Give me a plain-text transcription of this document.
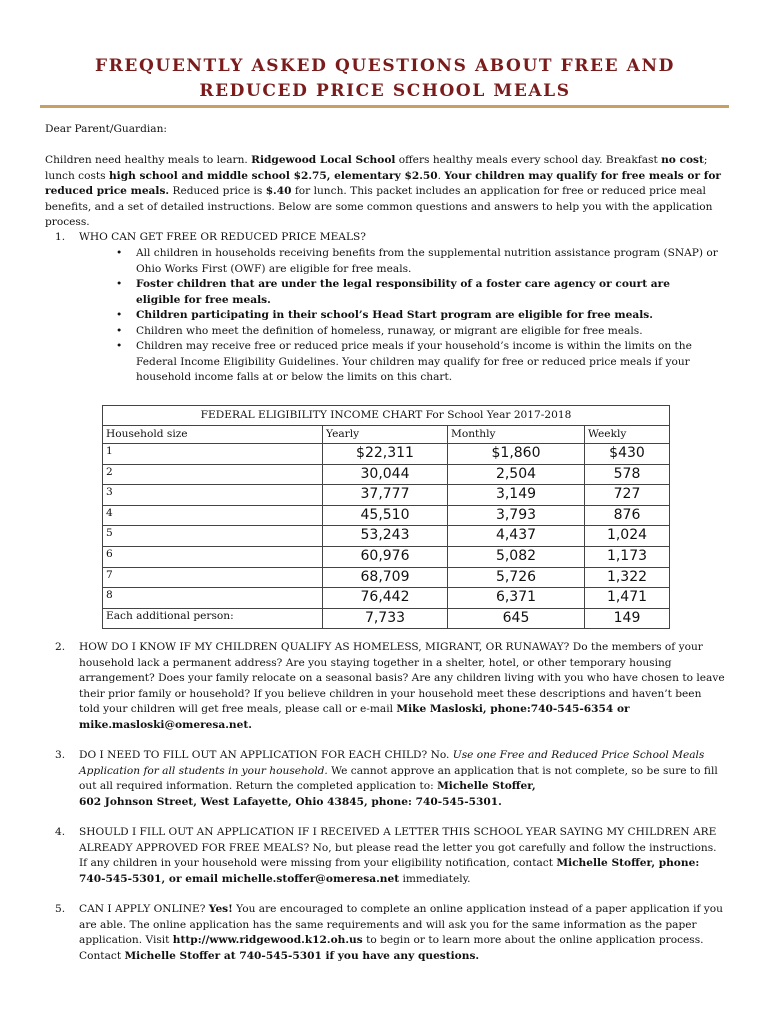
FREQUENTLY ASKED QUESTIONS ABOUT FREE AND
REDUCED PRICE SCHOOL MEALS
Dear Parent/Guardian:
Children need healthy meals to learn. Ridgewood Local School offers healthy meals every school day. Breakfast no cost; lunch costs high school and middle school $2.75, elementary $2.50. Your children may qualify for free meals or for reduced price meals. Reduced price is $.40 for lunch. This packet includes an application for free or reduced price meal benefits, and a set of detailed instructions. Below are some common questions and answers to help you with the application process.
1. WHO CAN GET FREE OR REDUCED PRICE MEALS?
• All children in households receiving benefits from the supplemental nutrition assistance program (SNAP) or Ohio Works First (OWF) are eligible for free meals.
• Foster children that are under the legal responsibility of a foster care agency or court are eligible for free meals.
• Children participating in their school’s Head Start program are eligible for free meals.
• Children who meet the definition of homeless, runaway, or migrant are eligible for free meals.
• Children may receive free or reduced price meals if your household’s income is within the limits on the Federal Income Eligibility Guidelines. Your children may qualify for free or reduced price meals if your household income falls at or below the limits on this chart.
FEDERAL ELIGIBILITY INCOME CHART For School Year 2017-2018			
Household size	Yearly	Monthly	Weekly
1	$22,311	$1,860	$430
2	30,044	2,504	578
3	37,777	3,149	727
4	45,510	3,793	876
5	53,243	4,437	1,024
6	60,976	5,082	1,173
7	68,709	5,726	1,322
8	76,442	6,371	1,471
Each additional person:	7,733	645	149
2. HOW DO I KNOW IF MY CHILDREN QUALIFY AS HOMELESS, MIGRANT, OR RUNAWAY? Do the members of your household lack a permanent address? Are you staying together in a shelter, hotel, or other temporary housing arrangement? Does your family relocate on a seasonal basis? Are any children living with you who have chosen to leave their prior family or household? If you believe children in your household meet these descriptions and haven’t been told your children will get free meals, please call or e-mail Mike Masloski, phone:740-545-6354 or mike.masloski@omeresa.net.
3. DO I NEED TO FILL OUT AN APPLICATION FOR EACH CHILD? No. Use one Free and Reduced Price School Meals Application for all students in your household. We cannot approve an application that is not complete, so be sure to fill out all required information. Return the completed application to: Michelle Stoffer,
602 Johnson Street, West Lafayette, Ohio 43845, phone: 740-545-5301.
4. SHOULD I FILL OUT AN APPLICATION IF I RECEIVED A LETTER THIS SCHOOL YEAR SAYING MY CHILDREN ARE ALREADY APPROVED FOR FREE MEALS? No, but please read the letter you got carefully and follow the instructions. If any children in your household were missing from your eligibility notification, contact Michelle Stoffer, phone: 740-545-5301, or email michelle.stoffer@omeresa.net immediately.
5. CAN I APPLY ONLINE? Yes! You are encouraged to complete an online application instead of a paper application if you are able. The online application has the same requirements and will ask you for the same information as the paper application. Visit http://www.ridgewood.k12.oh.us to begin or to learn more about the online application process. Contact Michelle Stoffer at 740-545-5301 if you have any questions.
